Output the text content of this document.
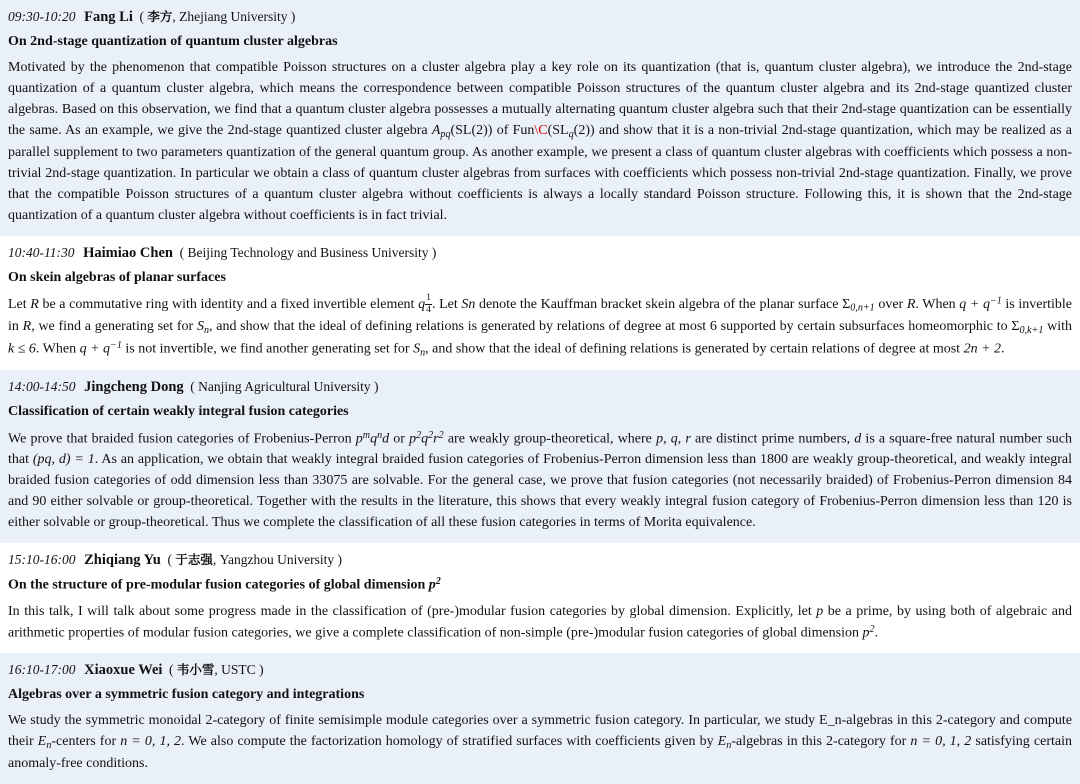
09:30-10:20 Fang Li ( 李方, Zhejiang University )
On 2nd-stage quantization of quantum cluster algebras
Motivated by the phenomenon that compatible Poisson structures on a cluster algebra play a key role on its quantization (that is, quantum cluster algebra), we introduce the 2nd-stage quantization of a quantum cluster algebra, which means the correspondence between compatible Poisson structures of the quantum cluster algebra and its 2nd-stage quantized cluster algebras. Based on this observation, we find that a quantum cluster algebra possesses a mutually alternating quantum cluster algebra such that their 2nd-stage quantization can be essentially the same. As an example, we give the 2nd-stage quantized cluster algebra $A_{pq}(SL(2))$ of $Fun\backslash C(SL_q(2))$ and show that it is a non-trivial 2nd-stage quantization, which may be realized as a parallel supplement to two parameters quantization of the general quantum group. As another example, we present a class of quantum cluster algebras with coefficients which possess a non-trivial 2nd-stage quantization. In particular we obtain a class of quantum cluster algebras from surfaces with coefficients which possess non-trivial 2nd-stage quantization. Finally, we prove that the compatible Poisson structures of a quantum cluster algebra without coefficients is always a locally standard Poisson structure. Following this, it is shown that the 2nd-stage quantization of a quantum cluster algebra without coefficients is in fact trivial.
10:40-11:30 Haimiao Chen ( Beijing Technology and Business University )
On skein algebras of planar surfaces
Let R be a commutative ring with identity and a fixed invertible element q $\frac{1}{4}$ . Let Sn denote the Kauffman bracket skein algebra of the planar surface $\Sigma_{0,n+1}$ over R. When $q + q^{-1}$ is invertible in R, we find a generating set for $S_n$, and show that the ideal of defining relations is generated by relations of degree at most 6 supported by certain subsurfaces homeomorphic to $\Sigma_{0,k+1}$ with k ≤ 6. When $q + q^{-1}$ is not invertible, we find another generating set for $S_n$, and show that the ideal of defining relations is generated by certain relations of degree at most 2n + 2.
14:00-14:50 Jingcheng Dong ( Nanjing Agricultural University )
Classification of certain weakly integral fusion categories
We prove that braided fusion categories of Frobenius-Perron $p^mq^nd$ or $p^2q^2r^2$ are weakly group-theoretical, where p, q, r are distinct prime numbers, d is a square-free natural number such that (pq, d) = 1. As an application, we obtain that weakly integral braided fusion categories of Frobenius-Perron dimension less than 1800 are weakly group-theoretical, and weakly integral braided fusion categories of odd dimension less than 33075 are solvable. For the general case, we prove that fusion categories (not necessarily braided) of Frobenius-Perron dimension 84 and 90 either solvable or group-theoretical. Together with the results in the literature, this shows that every weakly integral fusion category of Frobenius-Perron dimension less than 120 is either solvable or group-theoretical. Thus we complete the classification of all these fusion categories in terms of Morita equivalence.
15:10-16:00 Zhiqiang Yu ( 于志强, Yangzhou University )
On the structure of pre-modular fusion categories of global dimension $p^2$
In this talk, I will talk about some progress made in the classification of (pre-)modular fusion categories by global dimension. Explicitly, let p be a prime, by using both of algebraic and arithmetic properties of modular fusion categories, we give a complete classification of non-simple (pre-)modular fusion categories of global dimension $p^2$.
16:10-17:00 Xiaoxue Wei ( 韦小雪, USTC )
Algebras over a symmetric fusion category and integrations
We study the symmetric monoidal 2-category of finite semisimple module categories over a symmetric fusion category. In particular, we study E_n-algebras in this 2-category and compute their $E_n$-centers for n = 0, 1, 2. We also compute the factorization homology of stratified surfaces with coefficients given by $E_n$-algebras in this 2-category for n = 0, 1, 2 satisfying certain anomaly-free conditions.
